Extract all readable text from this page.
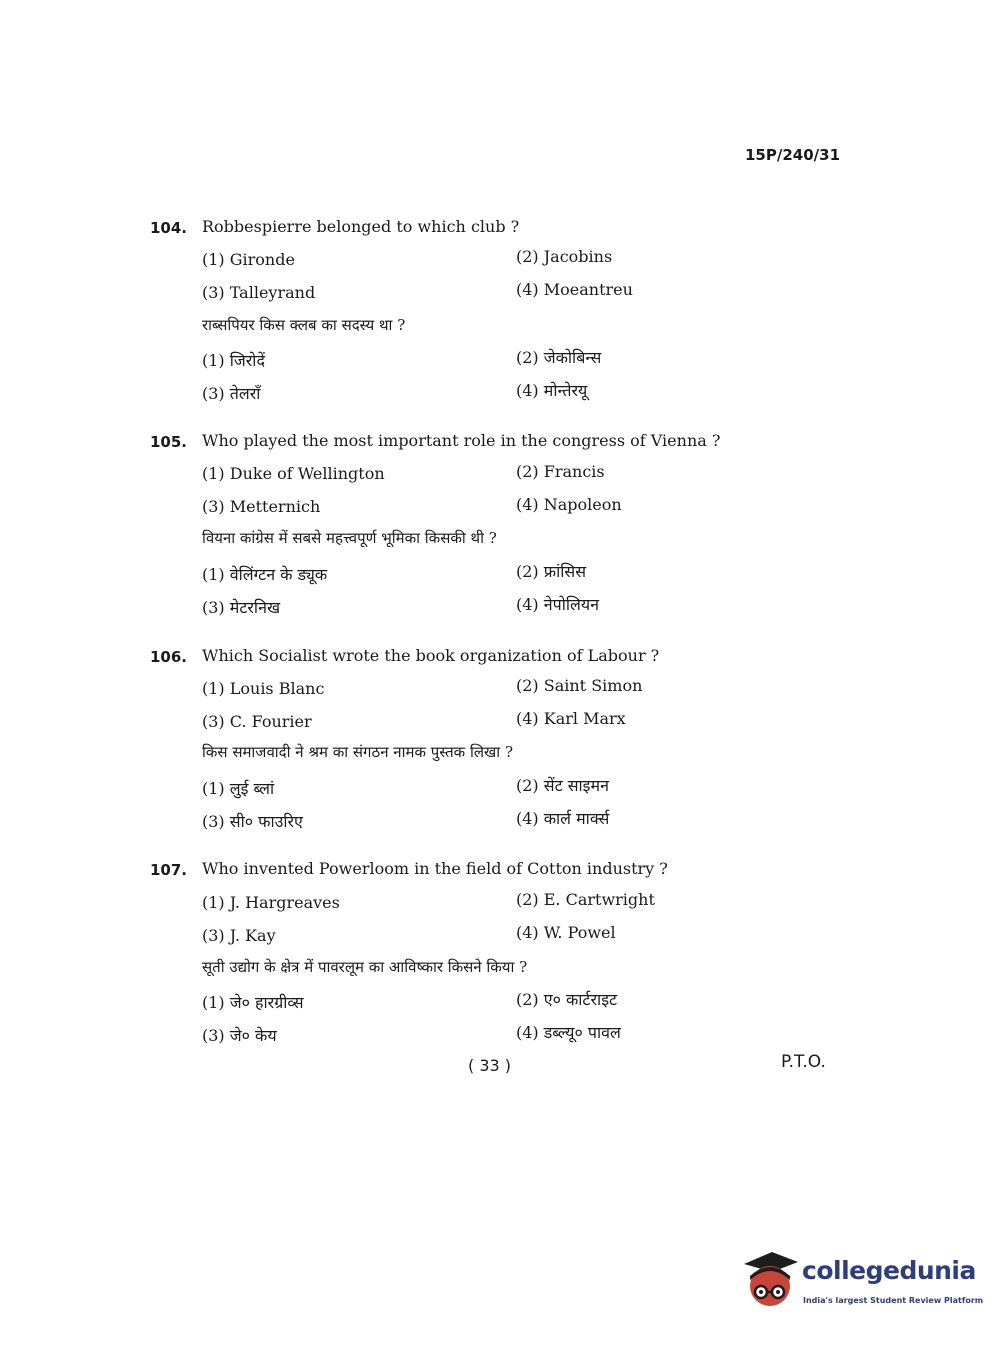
15P/240/31
104. Robbespierre belonged to which club ?
(1) Gironde	(2) Jacobins
(3) Talleyrand	(4) Moeantreu
राब्सपियर किस क्लब का सदस्य था ?
(1) जिरोदें	(2) जेकोबिन्स
(3) तेलराँ	(4) मोन्तेरयू
105. Who played the most important role in the congress of Vienna ?
(1) Duke of Wellington	(2) Francis
(3) Metternich	(4) Napoleon
वियना कांग्रेस में सबसे महत्त्वपूर्ण भूमिका किसकी थी ?
(1) वेलिंग्टन के ड्यूक	(2) फ्रांसिस
(3) मेटरनिख	(4) नेपोलियन
106. Which Socialist wrote the book organization of Labour ?
(1) Louis Blanc	(2) Saint Simon
(3) C. Fourier	(4) Karl Marx
किस समाजवादी ने श्रम का संगठन नामक पुस्तक लिखा ?
(1) लुई ब्लां	(2) सेंट साइमन
(3) सी० फाउरिए	(4) कार्ल मार्क्स
107. Who invented Powerloom in the field of Cotton industry ?
(1) J. Hargreaves	(2) E. Cartwright
(3) J. Kay	(4) W. Powel
सूती उद्योग के क्षेत्र में पावरलूम का आविष्कार किसने किया ?
(1) जे० हारग्रीव्स	(2) ए० कार्टराइट
(3) जे० केय	(4) डब्ल्यू० पावल
( 33 )	P.T.O.
collegedunia
India's largest Student Review Platform
